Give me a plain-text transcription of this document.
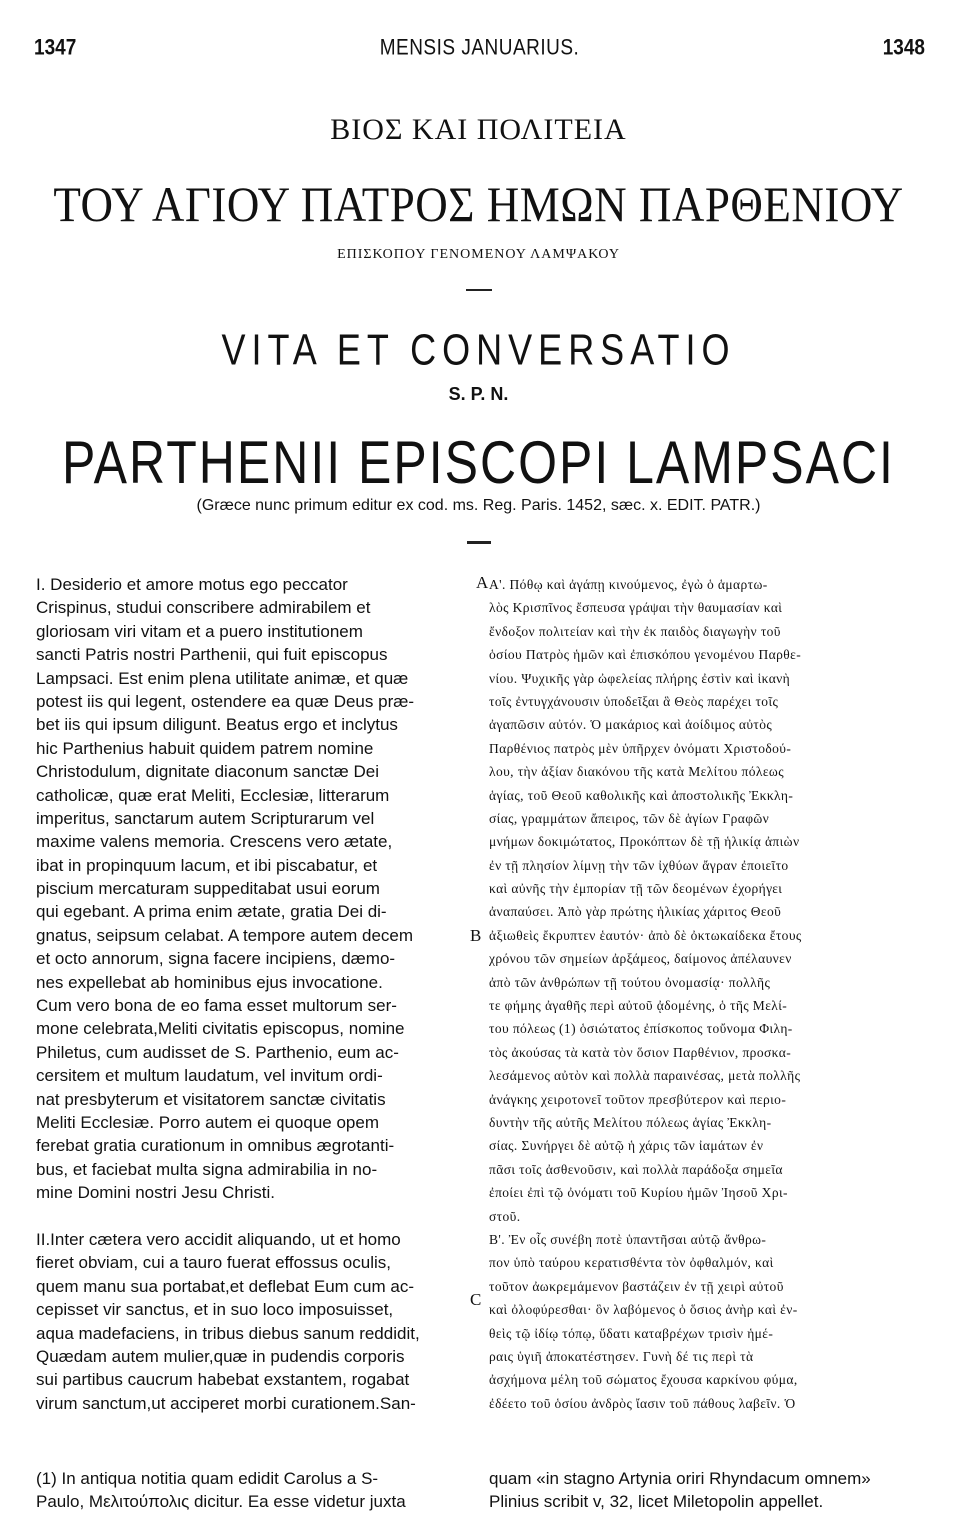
1347	MENSIS JANUARIUS.	1348
ΒΙΟΣ ΚΑΙ ΠΟΛΙΤΕΙΑ
ΤΟΥ ΑΓΙΟΥ ΠΑΤΡΟΣ ΗΜΩΝ ΠΑΡΘΕΝΙΟΥ
ΕΠΙΣΚΟΠΟΥ ΓΕΝΟΜΕΝΟΥ ΛΑΜΨΑΚΟΥ
VITA ET CONVERSATIO
S. P. N.
PARTHENII EPISCOPI LAMPSACI
(Græce nunc primum editur ex cod. ms. Reg. Paris. 1452, sæc. x. EDIT. PATR.)
I. Desiderio et amore motus ego peccator
Crispinus, studui conscribere admirabilem et
gloriosam viri vitam et a puero institutionem
sancti Patris nostri Parthenii, qui fuit episcopus
Lampsaci. Est enim plena utilitate animæ, et quæ
potest iis qui legent, ostendere ea quæ Deus præ-
bet iis qui ipsum diligunt. Beatus ergo et inclytus
hic Parthenius habuit quidem patrem nomine
Christodulum, dignitate diaconum sanctæ Dei
catholicæ, quæ erat Meliti, Ecclesiæ, litterarum
imperitus, sanctarum autem Scripturarum vel
maxime valens memoria. Crescens vero ætate,
ibat in propinquum lacum, et ibi piscabatur, et
piscium mercaturam suppeditabat usui eorum
qui egebant. A prima enim ætate, gratia Dei di-
gnatus, seipsum celabat. A tempore autem decem
et octo annorum, signa facere incipiens, dæmo-
nes expellebat ab hominibus ejus invocatione.
Cum vero bona de eo fama esset multorum ser-
mone celebrata,Meliti civitatis episcopus, nomine
Philetus, cum audisset de S. Parthenio, eum ac-
cersitem et multum laudatum, vel invitum ordi-
nat presbyterum et visitatorem sanctæ civitatis
Meliti Ecclesiæ. Porro autem ei quoque opem
ferebat gratia curationum in omnibus ægrotanti-
bus, et faciebat multa signa admirabilia in no-
mine Domini nostri Jesu Christi.
II.Inter cætera vero accidit aliquando, ut et homo
fieret obviam, cui a tauro fuerat effossus oculis,
quem manu sua portabat,et deflebat Eum cum ac-
cepisset vir sanctus, et in suo loco imposuisset,
aqua madefaciens, in tribus diebus sanum reddidit,
Quædam autem mulier,quæ in pudendis corporis
sui partibus caucrum habebat exstantem, rogabat
virum sanctum,ut acciperet morbi curationem.San-
Α'. Πόθῳ καὶ ἀγάπῃ κινούμενος, ἐγὼ ὁ ἁμαρτω-
λὸς Κρισπῖνος ἔσπευσα γράψαι τὴν θαυμασίαν καὶ
ἔνδοξον πολιτείαν καὶ τὴν ἐκ παιδὸς διαγωγὴν τοῦ
ὁσίου Πατρὸς ἡμῶν καὶ ἐπισκόπου γενομένου Παρθε-
νίου. Ψυχικῆς γὰρ ὠφελείας πλήρης ἐστὶν καὶ ἱκανὴ
τοῖς ἐντυγχάνουσιν ὑποδεῖξαι ἃ Θεὸς παρέχει τοῖς
ἀγαπῶσιν αὐτόν. Ὁ μακάριος καὶ ἀοίδιμος αὐτὸς
Παρθένιος πατρὸς μὲν ὑπῆρχεν ὀνόματι Χριστοδού-
λου, τὴν ἀξίαν διακόνου τῆς κατὰ Μελίτου πόλεως
ἁγίας, τοῦ Θεοῦ καθολικῆς καὶ ἀποστολικῆς Ἐκκλη-
σίας, γραμμάτων ἄπειρος, τῶν δὲ ἁγίων Γραφῶν
μνήμων δοκιμώτατος, Προκόπτων δὲ τῇ ἡλικίᾳ ἀπιὼν
ἐν τῇ πλησίον λίμνῃ τὴν τῶν ἰχθύων ἄγραν ἐποιεῖτο
καὶ αὐνῆς τὴν ἐμπορίαν τῇ τῶν δεομένων ἐχορήγει
ἀναπαύσει. Ἀπὸ γὰρ πρώτης ἡλικίας χάριτος Θεοῦ
ἀξιωθεὶς ἔκρυπτεν ἑαυτόν· ἀπὸ δὲ ὀκτωκαίδεκα ἔτους
χρόνου τῶν σημείων ἀρξάμεος, δαίμονος ἀπέλαυνεν
ἀπὸ τῶν ἀνθρώπων τῇ τούτου ὀνομασίᾳ· πολλῆς
τε φήμης ἀγαθῆς περὶ αὐτοῦ ᾀδομένης, ὁ τῆς Μελί-
του πόλεως (1) ὁσιώτατος ἐπίσκοπος τοὔνομα Φιλη-
τὸς ἀκούσας τὰ κατὰ τὸν ὅσιον Παρθένιον, προσκα-
λεσάμενος αὐτὸν καὶ πολλὰ παραινέσας, μετὰ πολλῆς
ἀνάγκης χειροτονεῖ τοῦτον πρεσβύτερον καὶ περιο-
δυντὴν τῆς αὐτῆς Μελίτου πόλεως ἁγίας Ἐκκλη-
σίας. Συνήργει δὲ αὐτῷ ἡ χάρις τῶν ἰαμάτων ἐν
πᾶσι τοῖς ἀσθενοῦσιν, καὶ πολλὰ παράδοξα σημεῖα
ἐποίει ἐπὶ τῷ ὀνόματι τοῦ Κυρίου ἡμῶν Ἰησοῦ Χρι-
στοῦ.
Β'. Ἐν οἷς συνέβη ποτὲ ὑπαντῆσαι αὐτῷ ἄνθρω-
πον ὑπὸ ταύρου κερατισθέντα τὸν ὀφθαλμόν, καὶ
τοῦτον ἀωκρεμάμενον βαστάζειν ἐν τῇ χειρὶ αὐτοῦ
καὶ ὀλοφύρεσθαι· ὃν λαβόμενος ὁ ὅσιος ἀνὴρ καὶ ἐν-
θεὶς τῷ ἰδίῳ τόπῳ, ὕδατι καταβρέχων τρισὶν ἡμέ-
ραις ὑγιῆ ἀποκατέστησεν. Γυνὴ δέ τις περὶ τὰ
ἀσχήμονα μέλη τοῦ σώματος ἔχουσα καρκίνου φύμα,
ἐδέετο τοῦ ὁσίου ἀνδρὸς ἴασιν τοῦ πάθους λαβεῖν. Ὁ
A
B
C
(1) In antiqua notitia quam edidit Carolus a S-
Paulo, Μελιτούπολις dicitur. Ea esse videtur juxta
quam «in stagno Artynia oriri Rhyndacum omnem»
Plinius scribit v, 32, licet Miletopolin appellet.
